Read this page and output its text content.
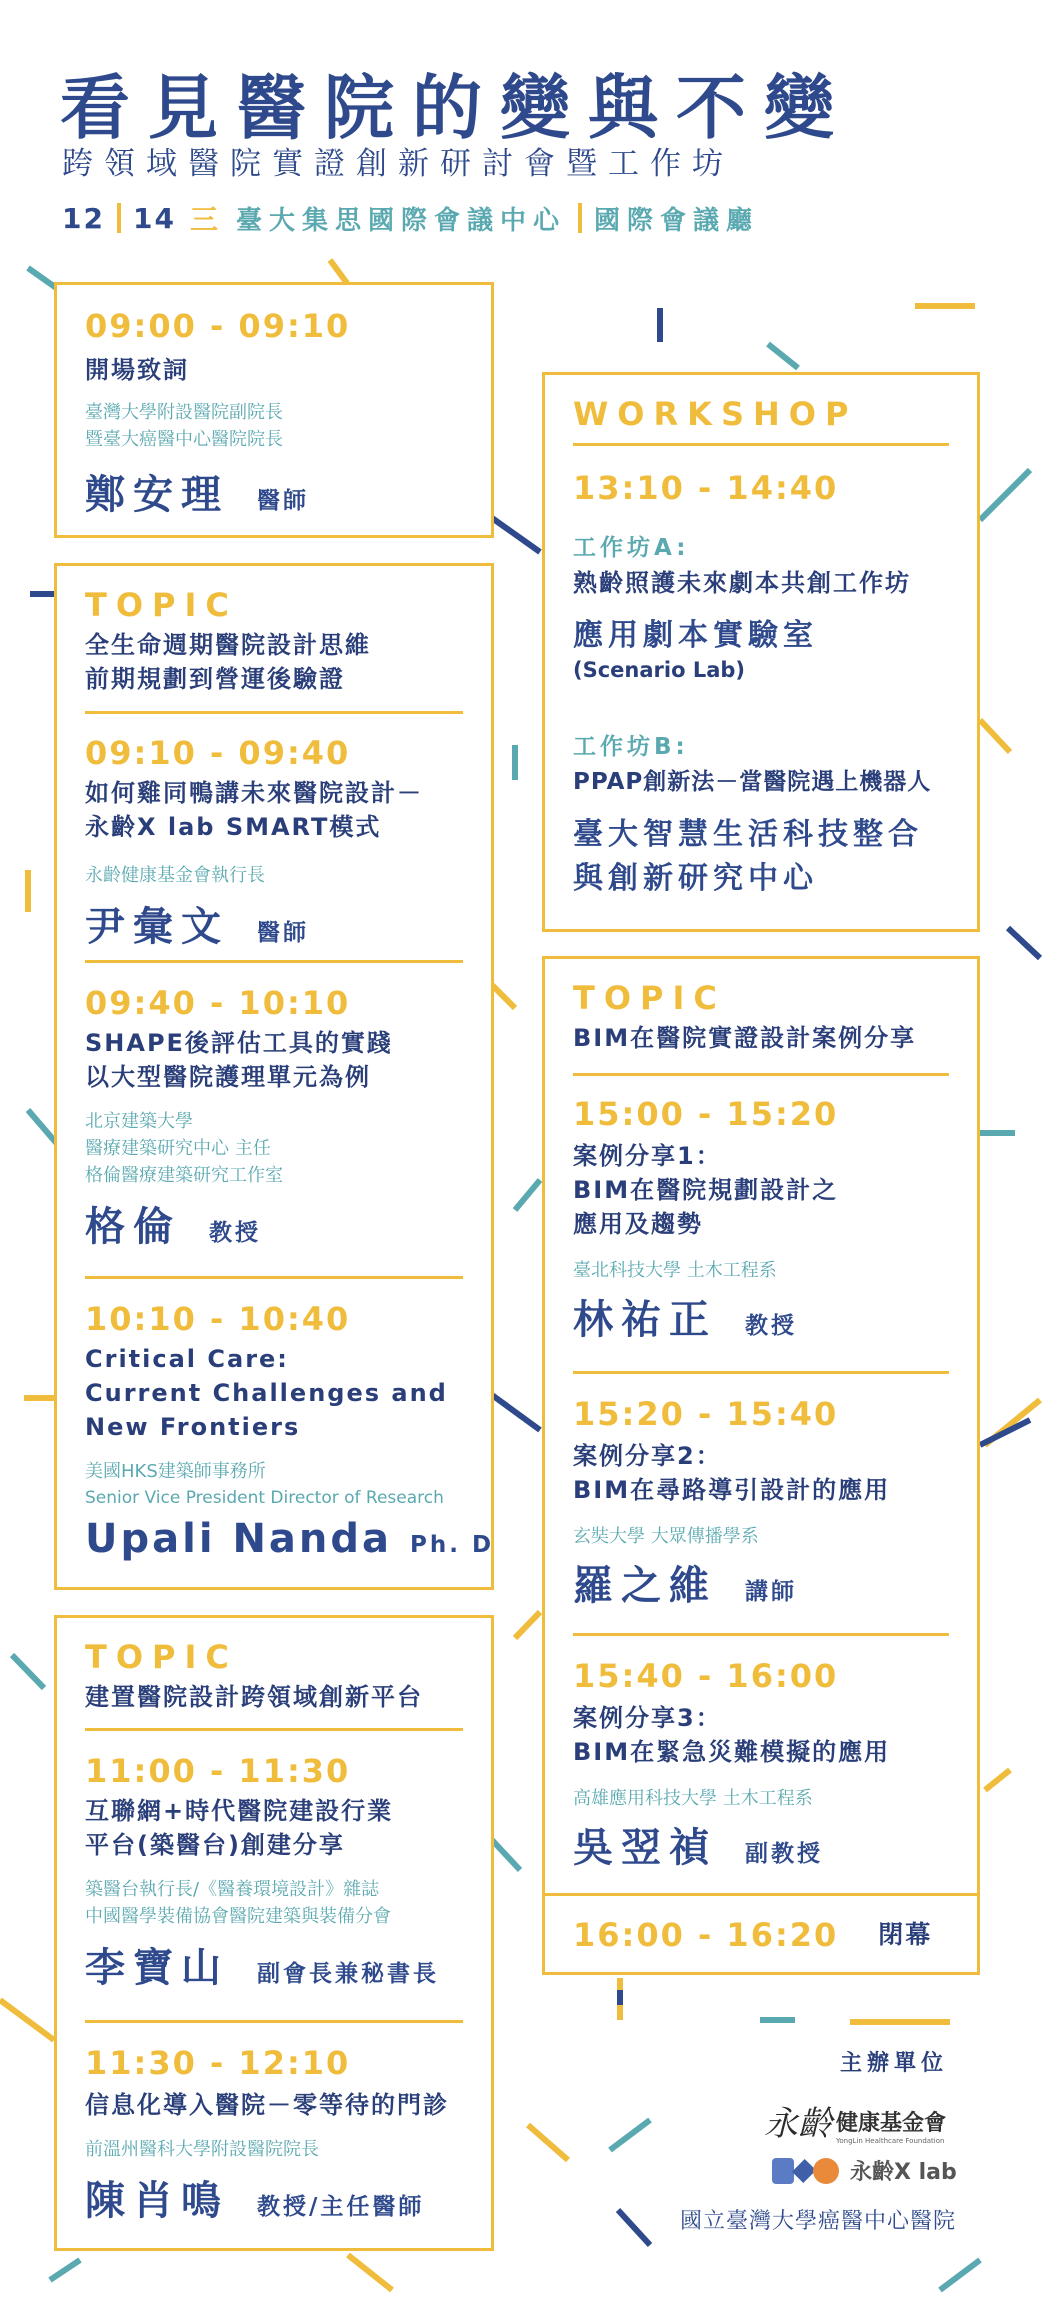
看見醫院的變與不變
跨領域醫院實證創新研討會暨工作坊
12 14 三 臺大集思國際會議中心 國際會議廳
09:00 - 09:10
開場致詞
臺灣大學附設醫院副院長
暨臺大癌醫中心醫院院長
鄭安理 醫師
TOPIC
全生命週期醫院設計思維
前期規劃到營運後驗證
09:10 - 09:40
如何雞同鴨講未來醫院設計－
永齡X lab SMART模式
永齡健康基金會執行長
尹彙文 醫師
09:40 - 10:10
SHAPE後評估工具的實踐
以大型醫院護理單元為例
北京建築大學
醫療建築研究中心 主任
格倫醫療建築研究工作室
格倫 教授
10:10 - 10:40
Critical Care:
Current Challenges and
New Frontiers
美國HKS建築師事務所
Senior Vice President Director of Research
Upali Nanda Ph. D
TOPIC
建置醫院設計跨領域創新平台
11:00 - 11:30
互聯網+時代醫院建設行業
平台(築醫台)創建分享
築醫台執行長/《醫養環境設計》雜誌
中國醫學裝備協會醫院建築與裝備分會
李寶山 副會長兼秘書長
11:30 - 12:10
信息化導入醫院－零等待的門診
前溫州醫科大學附設醫院院長
陳肖鳴 教授/主任醫師
WORKSHOP
13:10 - 14:40
工作坊A:
熟齡照護未來劇本共創工作坊
應用劇本實驗室
(Scenario Lab)
工作坊B:
PPAP創新法－當醫院遇上機器人
臺大智慧生活科技整合
與創新研究中心
TOPIC
BIM在醫院實證設計案例分享
15:00 - 15:20
案例分享1：
BIM在醫院規劃設計之
應用及趨勢
臺北科技大學 土木工程系
林祐正 教授
15:20 - 15:40
案例分享2：
BIM在尋路導引設計的應用
玄奘大學 大眾傳播學系
羅之維 講師
15:40 - 16:00
案例分享3：
BIM在緊急災難模擬的應用
高雄應用科技大學 土木工程系
吳翌禎 副教授
16:00 - 16:20 閉幕
主辦單位
永齡 健康基金會
YongLin Healthcare Foundation
永齡X lab
國立臺灣大學癌醫中心醫院
